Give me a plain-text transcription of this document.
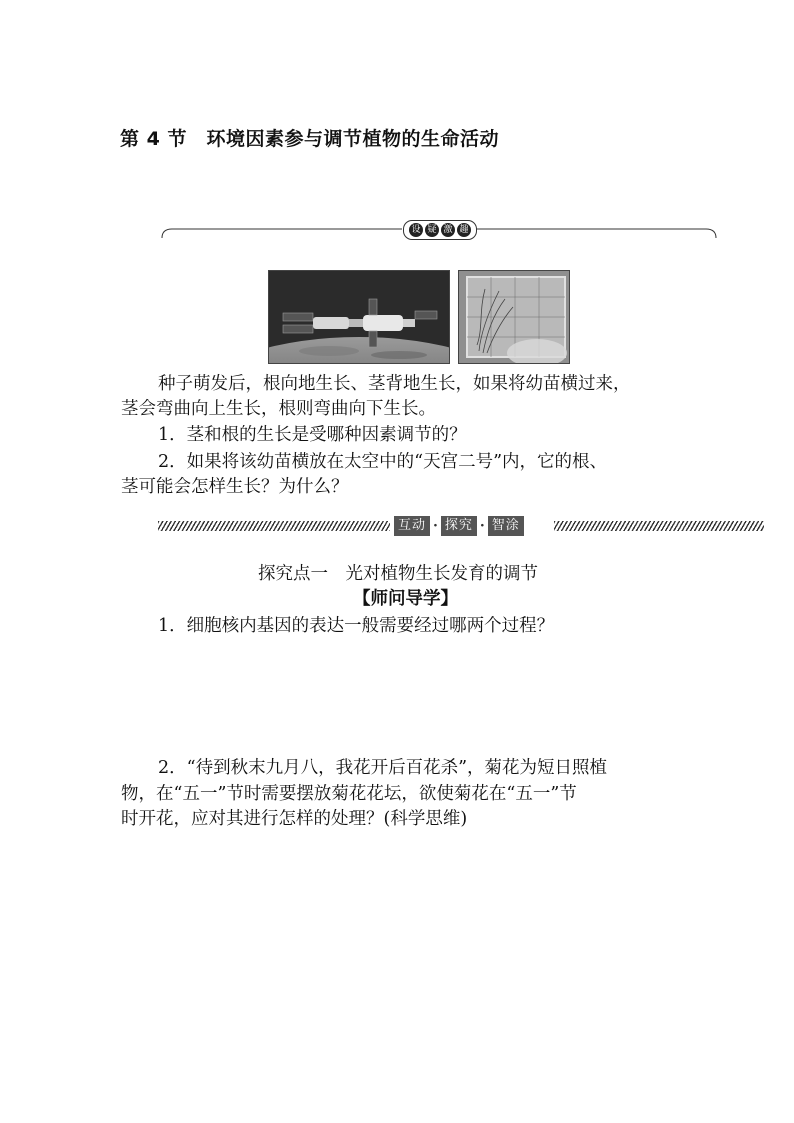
第 4 节　环境因素参与调节植物的生命活动
设 疑 激 趣
种子萌发后，根向地生长、茎背地生长，如果将幼苗横过来，
茎会弯曲向上生长，根则弯曲向下生长。
1．茎和根的生长是受哪种因素调节的？
2．如果将该幼苗横放在太空中的“天宫二号”内，它的根、
茎可能会怎样生长？为什么？
互动 · 探究 · 智涂
探究点一　光对植物生长发育的调节
【师问导学】
1．细胞核内基因的表达一般需要经过哪两个过程？
2．“待到秋末九月八，我花开后百花杀”，菊花为短日照植
物，在“五一”节时需要摆放菊花花坛，欲使菊花在“五一”节
时开花，应对其进行怎样的处理？(科学思维)
